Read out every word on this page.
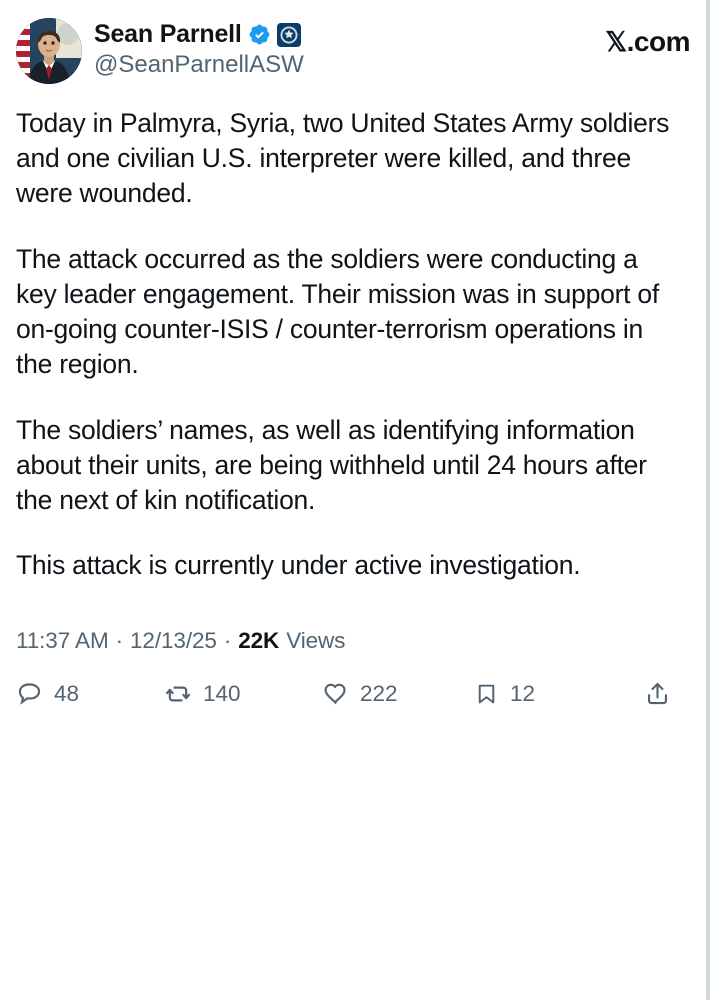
Sean Parnell
@SeanParnellASW
𝕏 .com

Today in Palmyra, Syria, two United States Army soldiers and one civilian U.S. interpreter were killed, and three were wounded.

The attack occurred as the soldiers were conducting a key leader engagement. Their mission was in support of on-going counter-ISIS / counter-terrorism operations in the region.

The soldiers’ names, as well as identifying information about their units, are being withheld until 24 hours after the next of kin notification.

This attack is currently under active investigation.

11:37 AM · 12/13/25 · 22K Views
48	140	222	12
